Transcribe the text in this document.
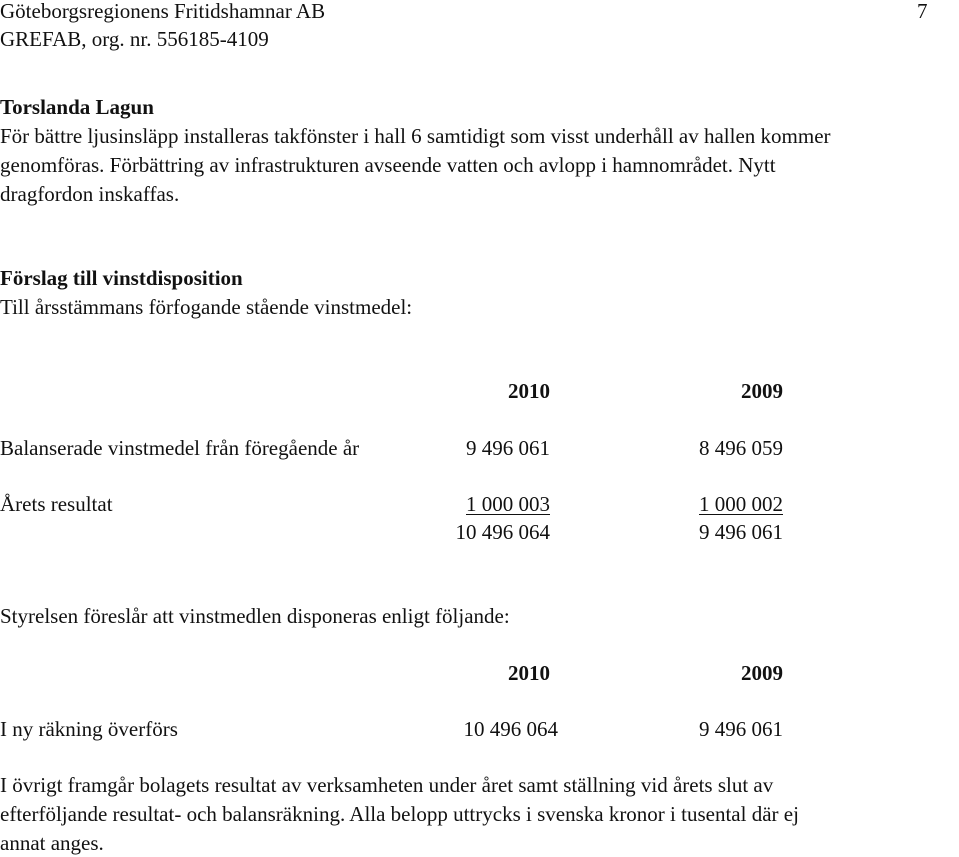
Göteborgsregionens Fritidshamnar AB
GREFAB, org. nr. 556185-4109
7
Torslanda Lagun
För bättre ljusinsläpp installeras takfönster i hall 6 samtidigt som visst underhåll av hallen kommer
genomföras. Förbättring av infrastrukturen avseende vatten och avlopp i hamnområdet. Nytt
dragfordon inskaffas.
Förslag till vinstdisposition
Till årsstämmans förfogande stående vinstmedel:
2010	2009
Balanserade vinstmedel från föregående år	9 496 061	8 496 059
Årets resultat	1 000 003	1 000 002
10 496 064	9 496 061
Styrelsen föreslår att vinstmedlen disponeras enligt följande:
2010	2009
I ny räkning överförs	10 496 064	9 496 061
I övrigt framgår bolagets resultat av verksamheten under året samt ställning vid årets slut av
efterföljande resultat- och balansräkning. Alla belopp uttrycks i svenska kronor i tusental där ej
annat anges.
